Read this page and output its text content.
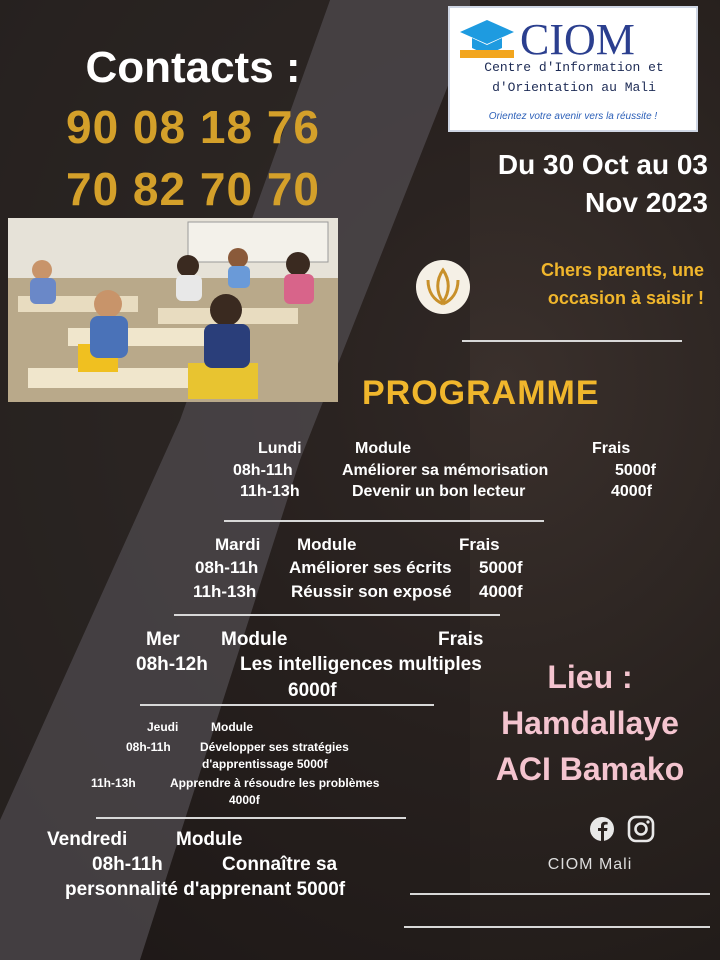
Contacts :
90 08 18 76
70 82 70 70
CIOM
Centre d'Information et
d'Orientation au Mali
Orientez votre avenir vers la réussite !
Du 30 Oct au 03
Nov 2023
Chers parents, une
occasion à saisir !
PROGRAMME
Lundi	Module	Frais
08h-11h	Améliorer sa mémorisation	5000f
11h-13h	Devenir un bon lecteur	4000f
Mardi Module	Frais
08h-11h Améliorer ses écrits 5000f
11h-13h Réussir son exposé 4000f
Mer Module	Frais
08h-12h Les intelligences multiples
6000f
Jeudi	Module
08h-11h Développer ses stratégies
d'apprentissage 5000f
11h-13h	Apprendre à résoudre les problèmes
4000f
Vendredi	Module
08h-11h	Connaître sa
personnalité d'apprenant 5000f
Lieu :
Hamdallaye
ACI Bamako

CIOM Mali
